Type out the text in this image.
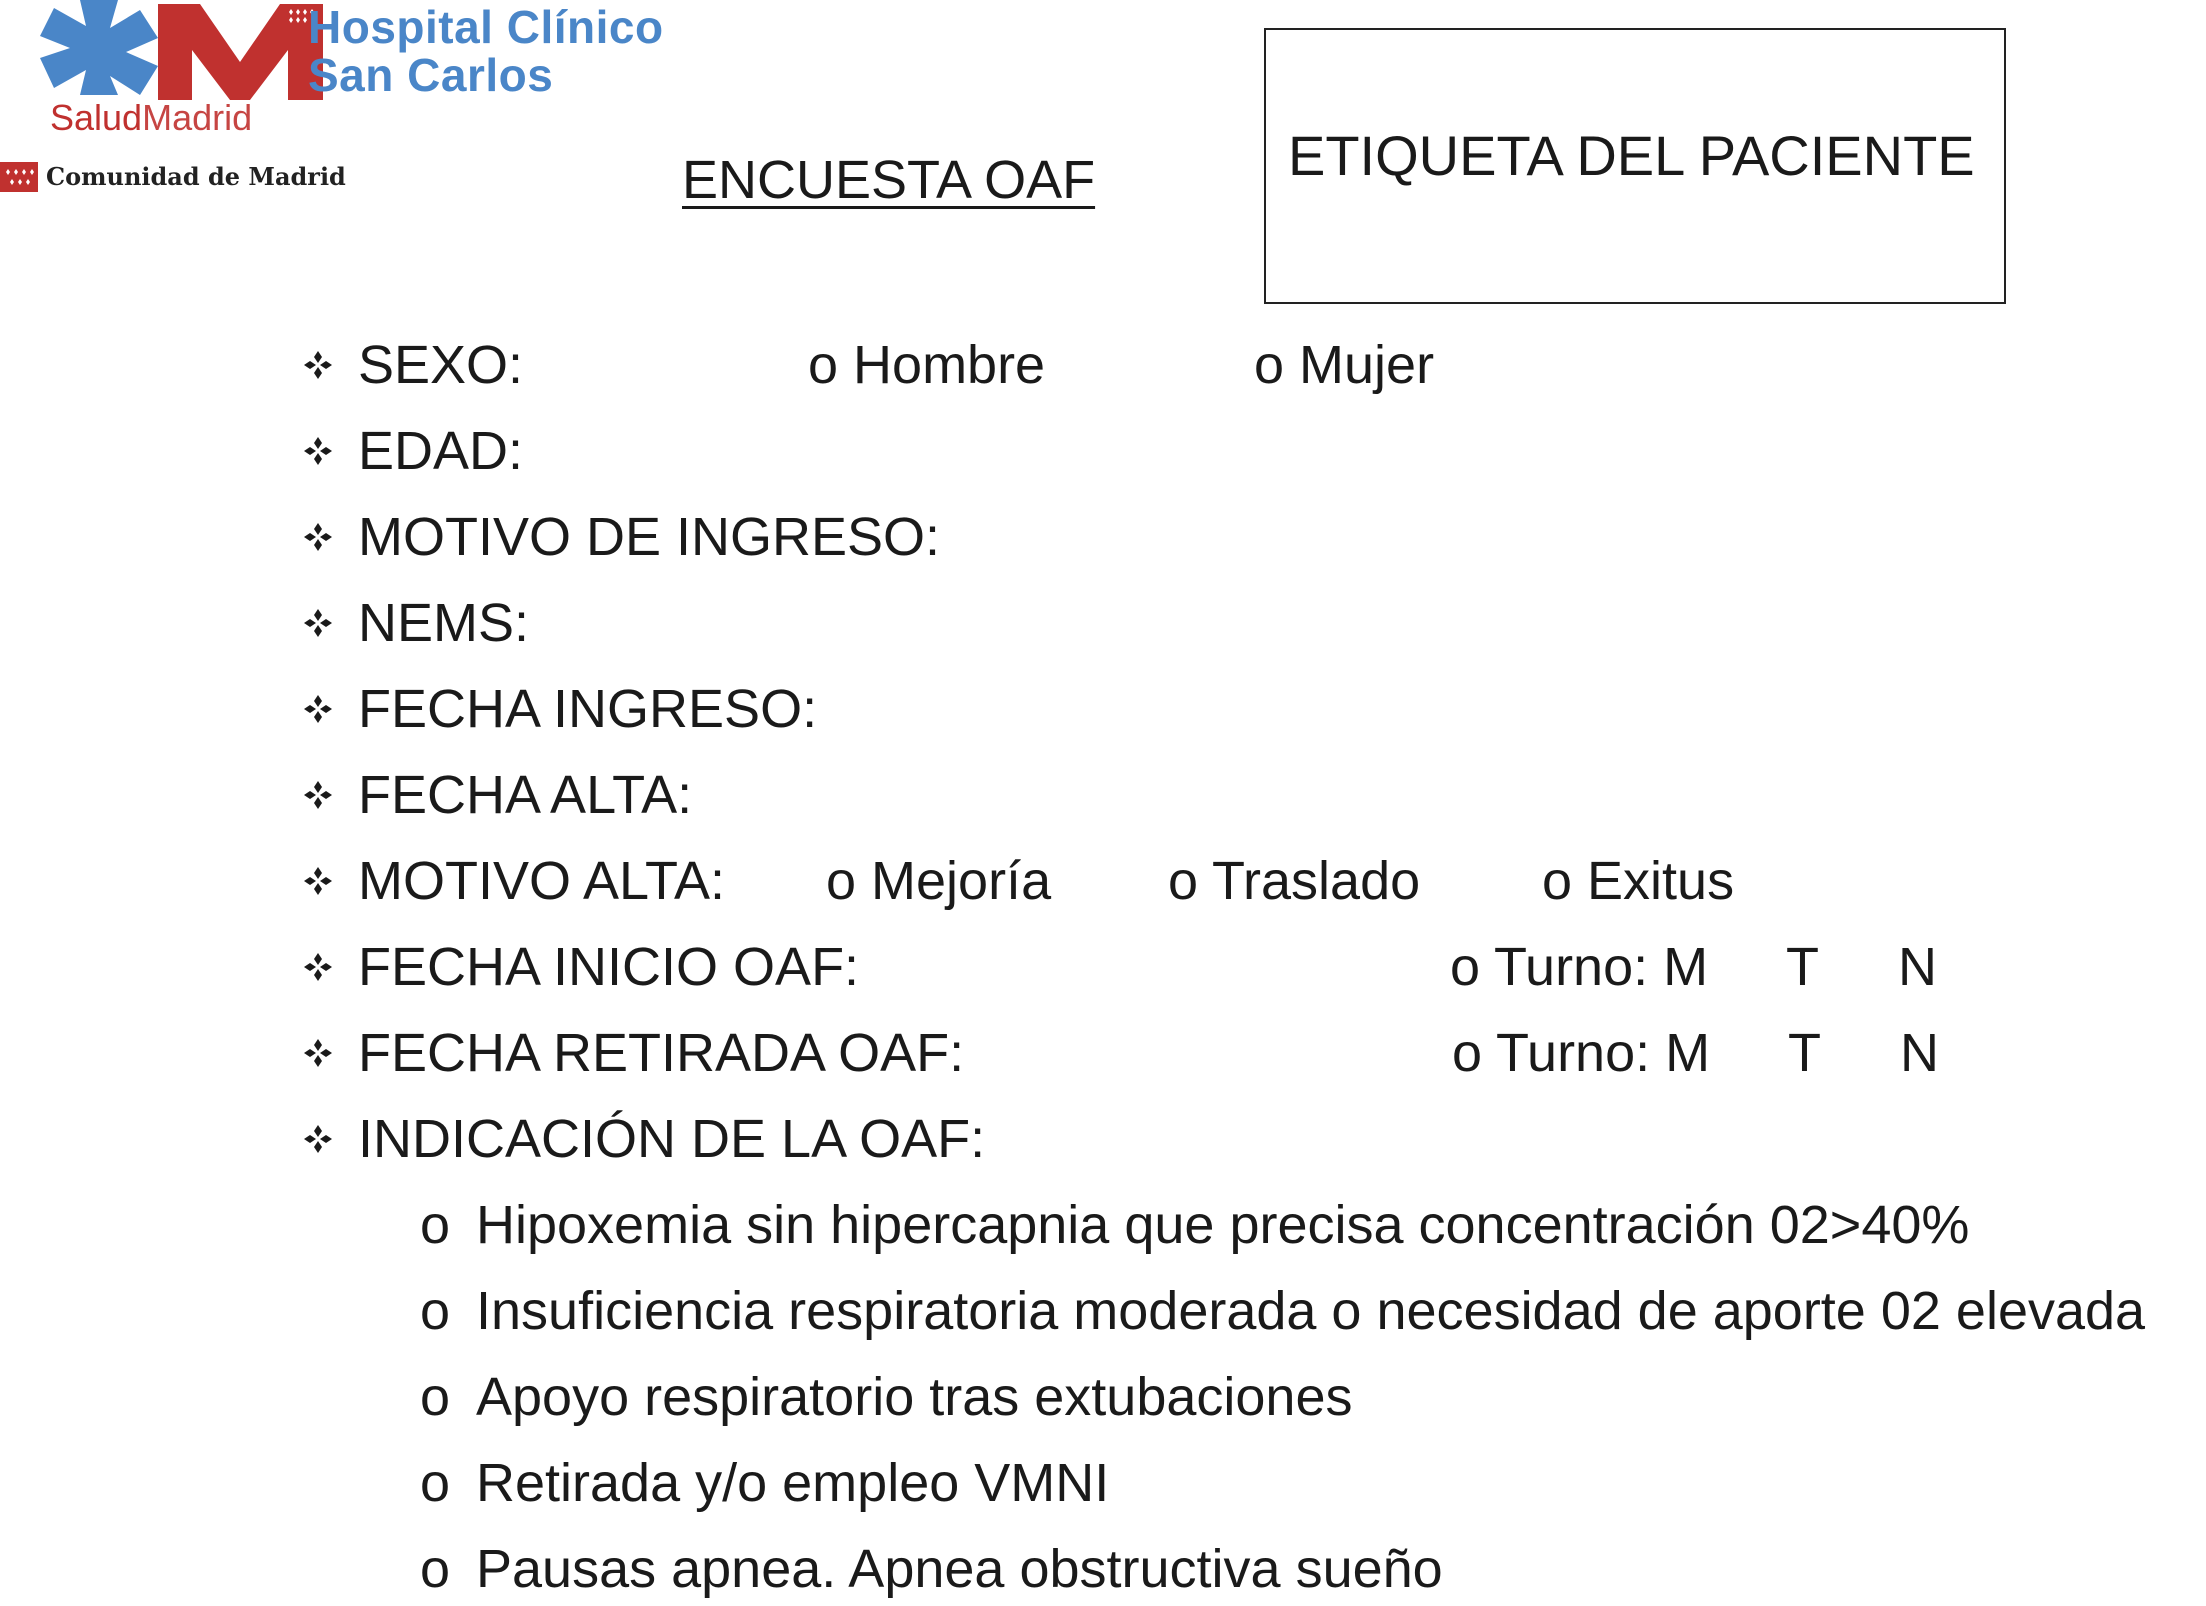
Hospital Clínico
San Carlos
SaludMadrid
Comunidad de Madrid	ENCUESTA OAF	ETIQUETA DEL PACIENTE
SEXO:	o Hombre	o Mujer
EDAD:
MOTIVO DE INGRESO:
NEMS:
FECHA INGRESO:
FECHA ALTA:
MOTIVO ALTA: o Mejoría o Traslado o Exitus
FECHA INICIO OAF:	o Turno: M T N
FECHA RETIRADA OAF:	o Turno: M T N
INDICACIÓN DE LA OAF:
o Hipoxemia sin hipercapnia que precisa concentración 02>40%
o Insuficiencia respiratoria moderada o necesidad de aporte 02 elevada
o Apoyo respiratorio tras extubaciones
o Retirada y/o empleo VMNI
o Pausas apnea. Apnea obstructiva sueño
